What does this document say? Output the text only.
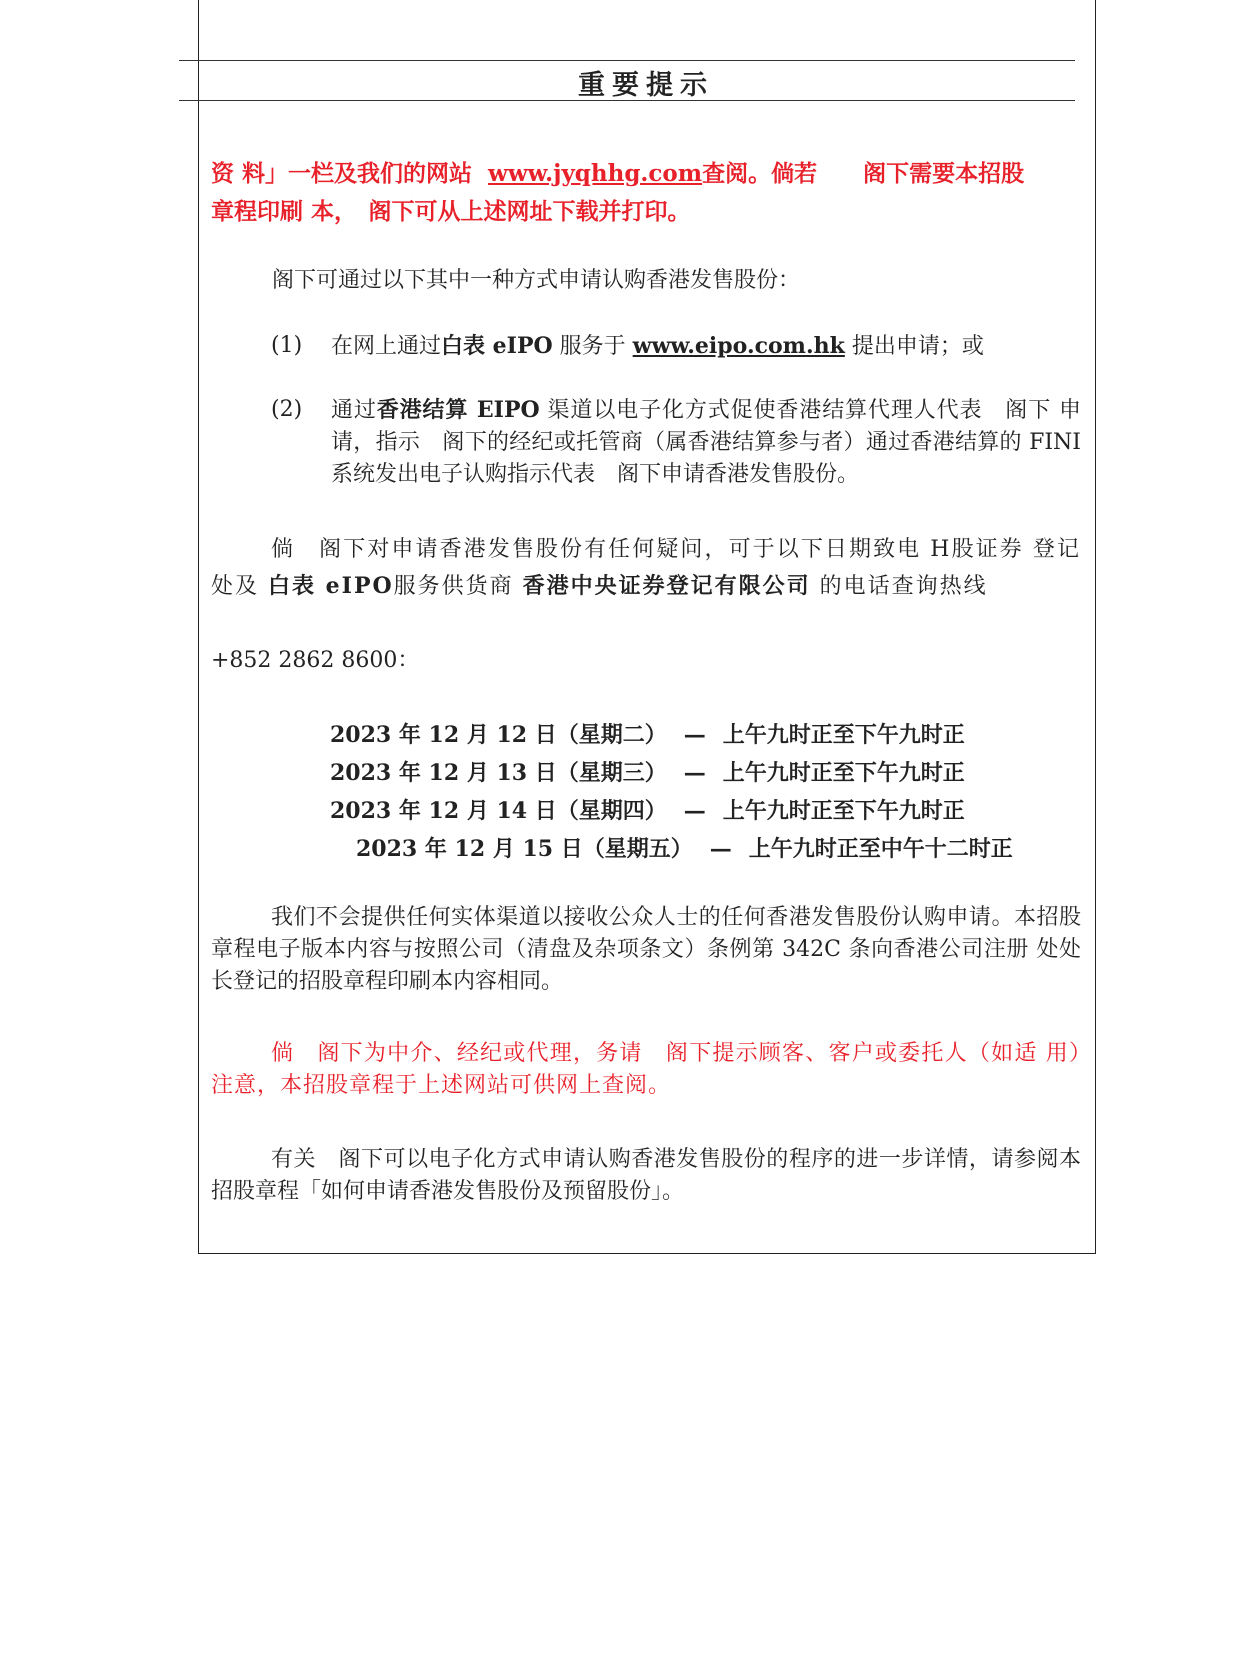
重要提示
资 料」一栏及我们的网站 www.jyqhhg.com查阅。倘若　　阁下需要本招股
章程印刷 本，　阁下可从上述网址下载并打印。
阁下可通过以下其中一种方式申请认购香港发售股份：
(1) 在网上通过白表 eIPO 服务于 www.eipo.com.hk 提出申请；或
(2) 通过香港结算 EIPO 渠道以电子化方式促使香港结算代理人代表　阁下 申请，指示　阁下的经纪或托管商（属香港结算参与者）通过香港结算的 FINI 系统发出电子认购指示代表　阁下申请香港发售股份。
倘　阁下对申请香港发售股份有任何疑问，可于以下日期致电 H股证券 登记处及 白表 eIPO服务供货商 香港中央证券登记有限公司 的电话查询热线
+852 2862 8600：
2023 年 12 月 12 日（星期二） — 上午九时正至下午九时正
2023 年 12 月 13 日（星期三） — 上午九时正至下午九时正
2023 年 12 月 14 日（星期四） — 上午九时正至下午九时正
2023 年 12 月 15 日（星期五） — 上午九时正至中午十二时正
我们不会提供任何实体渠道以接收公众人士的任何香港发售股份认购申请。本招股章程电子版本内容与按照公司（清盘及杂项条文）条例第 342C 条向香港公司注册 处处长登记的招股章程印刷本内容相同。
倘　阁下为中介、经纪或代理，务请　阁下提示顾客、客户或委托人（如适 用）注意，本招股章程于上述网站可供网上查阅。
有关　阁下可以电子化方式申请认购香港发售股份的程序的进一步详情，请参阅本招股章程「如何申请香港发售股份及预留股份」。
